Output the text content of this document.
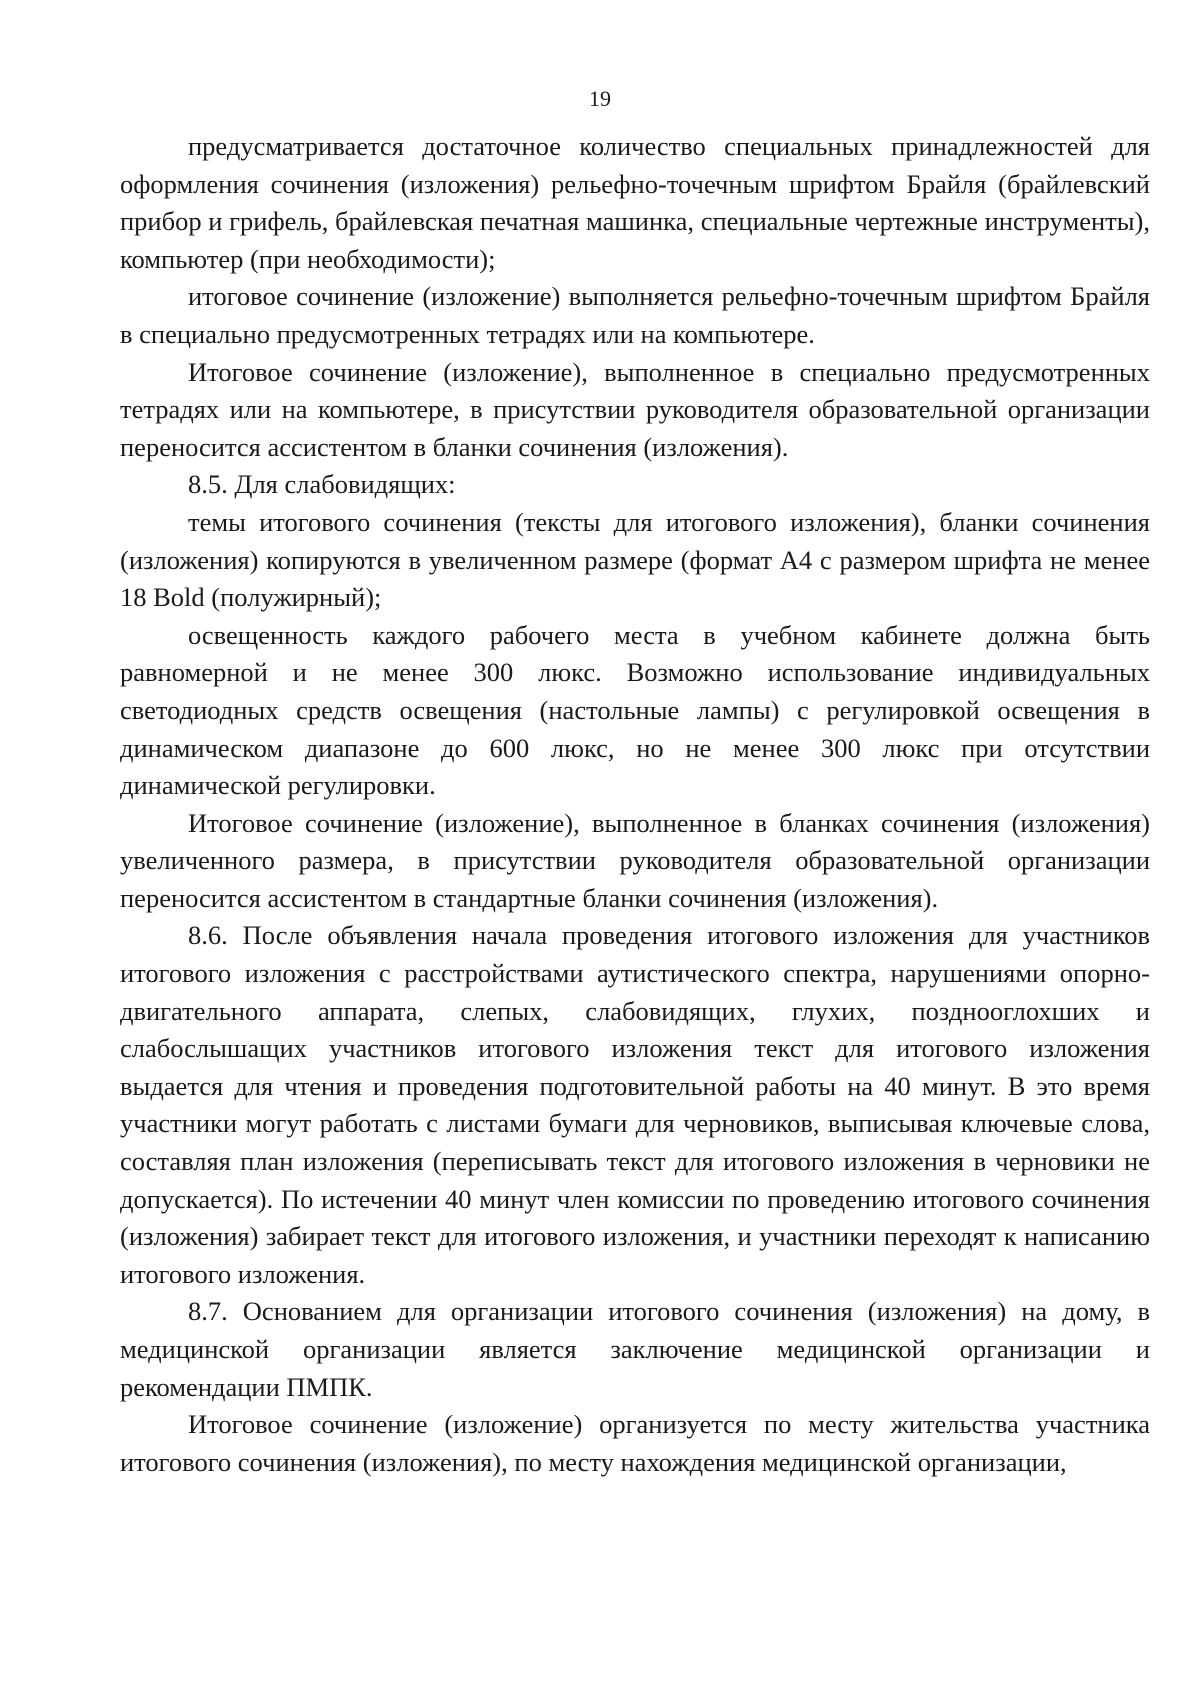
19

предусматривается достаточное количество специальных принадлежностей для оформления сочинения (изложения) рельефно-точечным шрифтом Брайля (брайлевский прибор и грифель, брайлевская печатная машинка, специальные чертежные инструменты), компьютер (при необходимости);

итоговое сочинение (изложение) выполняется рельефно-точечным шрифтом Брайля в специально предусмотренных тетрадях или на компьютере.

Итоговое сочинение (изложение), выполненное в специально предусмотренных тетрадях или на компьютере, в присутствии руководителя образовательной организации переносится ассистентом в бланки сочинения (изложения).

8.5. Для слабовидящих:

темы итогового сочинения (тексты для итогового изложения), бланки сочинения (изложения) копируются в увеличенном размере (формат А4 с размером шрифта не менее 18 Bold (полужирный);

освещенность каждого рабочего места в учебном кабинете должна быть равномерной и не менее 300 люкс. Возможно использование индивидуальных светодиодных средств освещения (настольные лампы) с регулировкой освещения в динамическом диапазоне до 600 люкс, но не менее 300 люкс при отсутствии динамической регулировки.

Итоговое сочинение (изложение), выполненное в бланках сочинения (изложения) увеличенного размера, в присутствии руководителя образовательной организации переносится ассистентом в стандартные бланки сочинения (изложения).

8.6. После объявления начала проведения итогового изложения для участников итогового изложения с расстройствами аутистического спектра, нарушениями опорно-двигательного аппарата, слепых, слабовидящих, глухих, позднооглохших и слабослышащих участников итогового изложения текст для итогового изложения выдается для чтения и проведения подготовительной работы на 40 минут. В это время участники могут работать с листами бумаги для черновиков, выписывая ключевые слова, составляя план изложения (переписывать текст для итогового изложения в черновики не допускается). По истечении 40 минут член комиссии по проведению итогового сочинения (изложения) забирает текст для итогового изложения, и участники переходят к написанию итогового изложения.

8.7. Основанием для организации итогового сочинения (изложения) на дому, в медицинской организации является заключение медицинской организации и рекомендации ПМПК.

Итоговое сочинение (изложение) организуется по месту жительства участника итогового сочинения (изложения), по месту нахождения медицинской организации,
